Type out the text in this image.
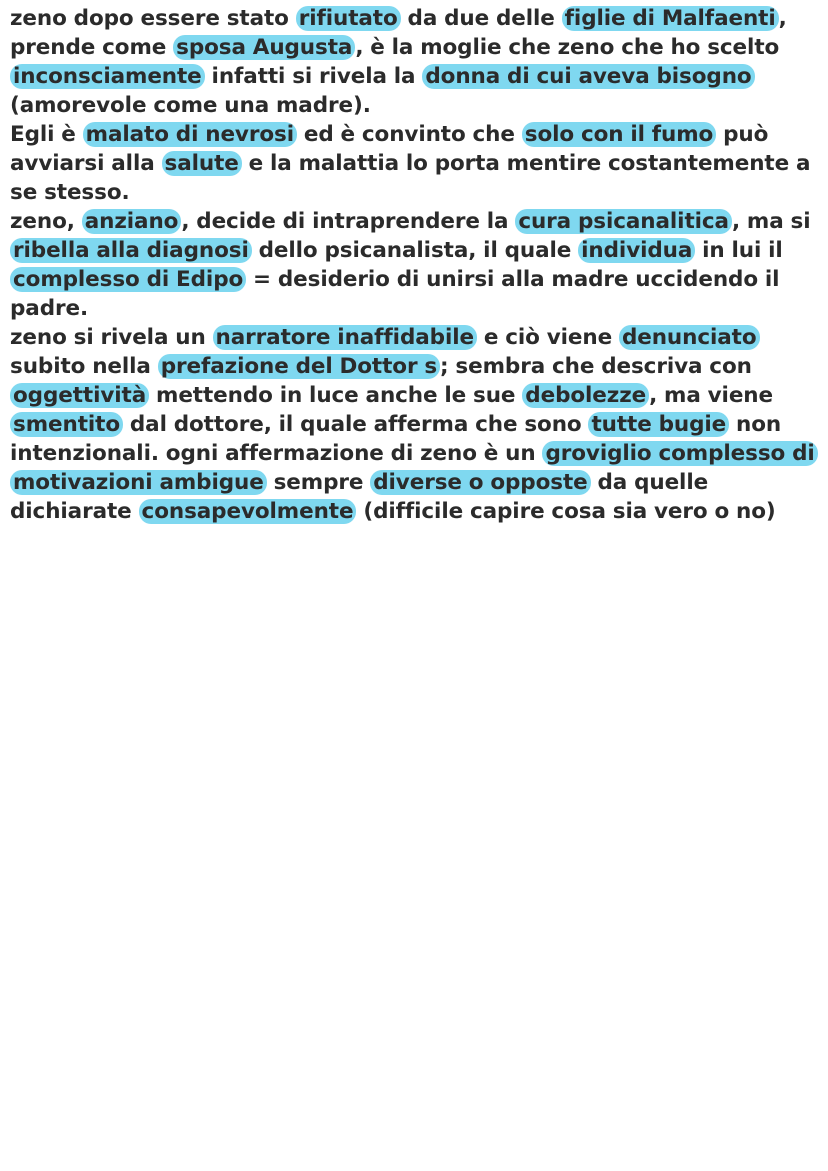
zeno dopo essere stato rifiutato da due delle figlie di Malfaenti , prende come sposa Augusta , è la moglie che zeno che ho scelto inconsciamente infatti si rivela la donna di cui aveva bisogno (amorevole come una madre).

Egli è malato di nevrosi ed è convinto che solo con il fumo può avviarsi alla salute e la malattia lo porta mentire costantemente a se stesso.

zeno, anziano , decide di intraprendere la cura psicanalitica , ma si ribella alla diagnosi dello psicanalista, il quale individua in lui il complesso di Edipo = desiderio di unirsi alla madre uccidendo il padre.

zeno si rivela un narratore inaffidabile e ciò viene denunciato subito nella prefazione del Dottor s ; sembra che descriva con oggettività mettendo in luce anche le sue debolezze , ma viene smentito dal dottore, il quale afferma che sono tutte bugie non intenzionali. ogni affermazione di zeno è un groviglio complesso di motivazioni ambigue sempre diverse o opposte da quelle dichiarate consapevolmente (difficile capire cosa sia vero o no)
